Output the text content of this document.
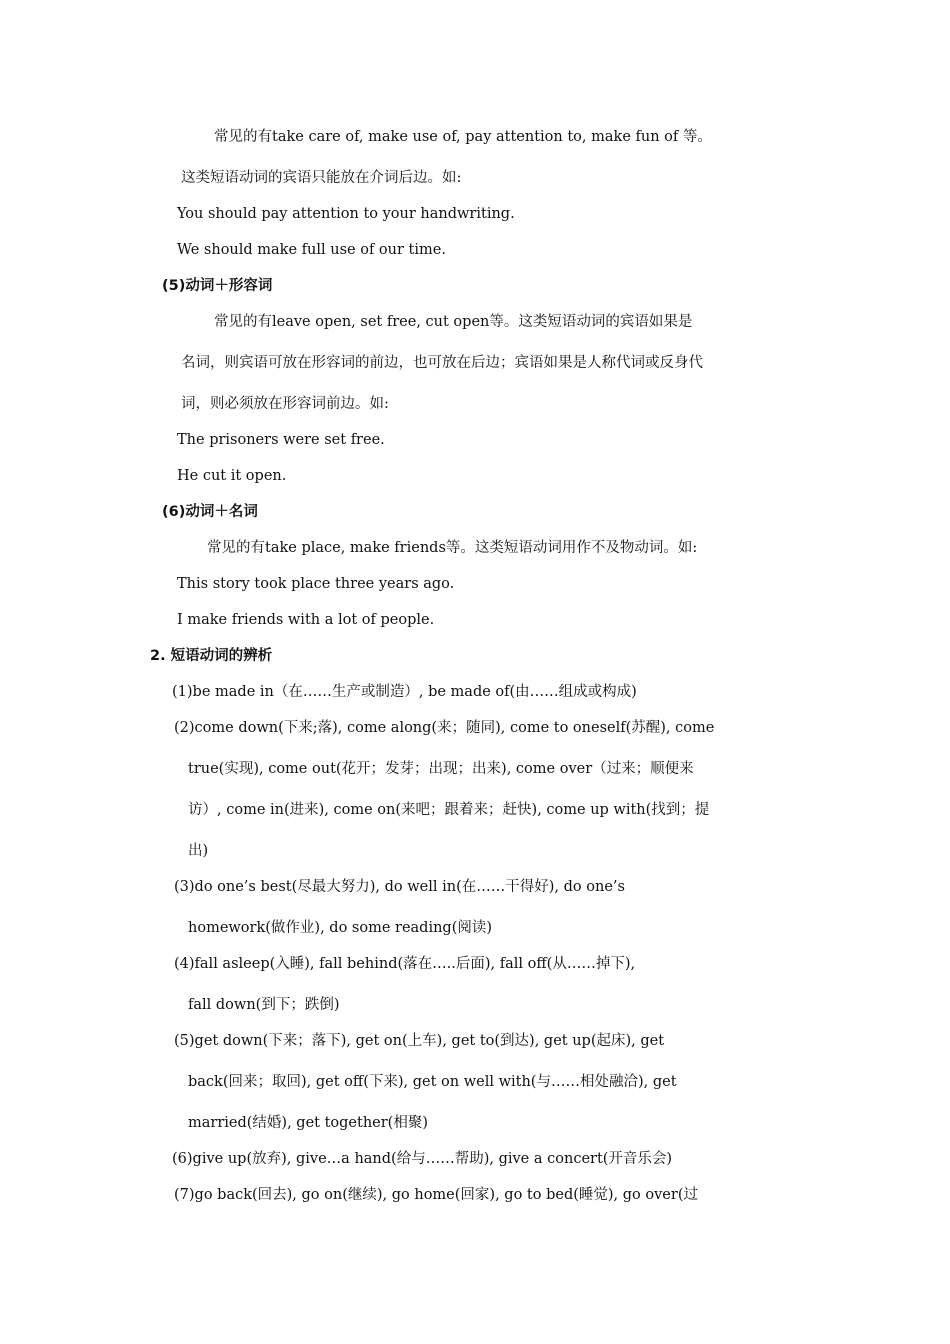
常见的有take care of, make use of, pay attention to, make fun of 等。

这类短语动词的宾语只能放在介词后边。如:

You should pay attention to your handwriting.

We should make full use of our time.

(5)动词＋形容词

常见的有leave open, set free, cut open等。这类短语动词的宾语如果是

名词，则宾语可放在形容词的前边，也可放在后边；宾语如果是人称代词或反身代

词，则必须放在形容词前边。如:

The prisoners were set free.

He cut it open.

(6)动词＋名词

常见的有take place, make friends等。这类短语动词用作不及物动词。如:

This story took place three years ago.

I make friends with a lot of people.

2. 短语动词的辨析

(1)be made in（在……生产或制造）, be made of(由……组成或构成)

(2)come down(下来;落), come along(来；随同), come to oneself(苏醒), come

true(实现), come out(花开；发芽；出现；出来), come over（过来；顺便来

访）, come in(进来), come on(来吧；跟着来；赶快), come up with(找到；提

出)

(3)do one’s best(尽最大努力), do well in(在……干得好), do one’s

homework(做作业), do some reading(阅读)

(4)fall asleep(入睡), fall behind(落在…..后面), fall off(从……掉下),

fall down(到下；跌倒)

(5)get down(下来；落下), get on(上车), get to(到达), get up(起床), get

back(回来；取回), get off(下来), get on well with(与……相处融洽), get

married(结婚), get together(相聚)

(6)give up(放弃), give…a hand(给与……帮助), give a concert(开音乐会)

(7)go back(回去), go on(继续), go home(回家), go to bed(睡觉), go over(过
